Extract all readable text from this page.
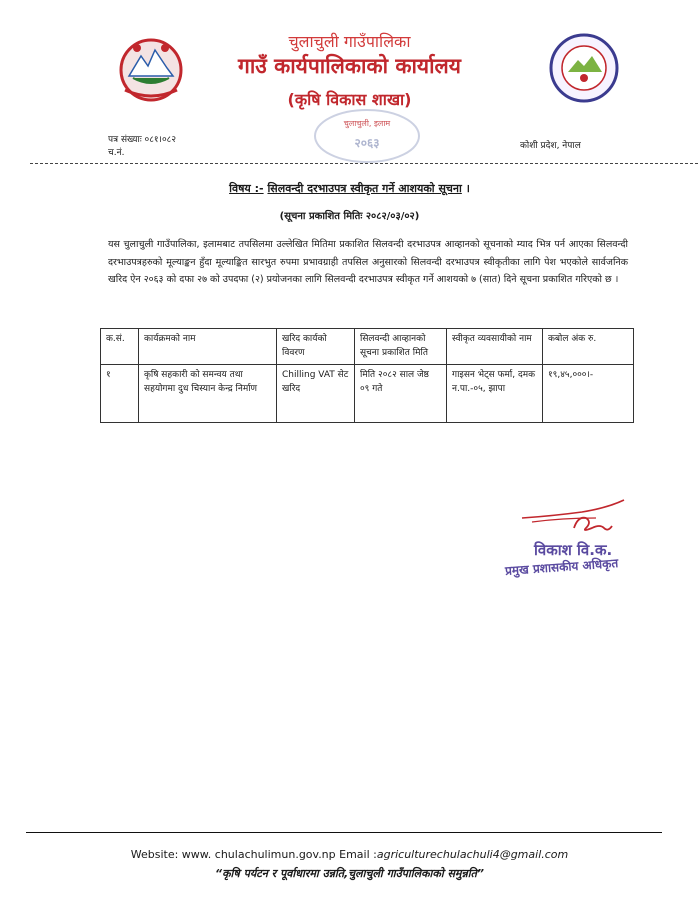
चुलाचुली गाउँपालिका
गाउँ कार्यपालिकाको कार्यालय
(कृषि विकास शाखा)
चुलाचुली, इलाम
२०६३
पत्र संख्याः ०८१।०८२
च.नं.
कोशी प्रदेश, नेपाल
विषय :- सिलवन्दी दरभाउपत्र स्वीकृत गर्ने आशयको सूचना ।
(सूचना प्रकाशित मितिः २०८२/०३/०२)
यस चुलाचुली गाउँपालिका, इलामबाट तपसिलमा उल्लेखित मितिमा प्रकाशित सिलवन्दी दरभाउपत्र आव्हानको सूचनाको म्याद भित्र पर्न आएका सिलवन्दी दरभाउपत्रहरुको मूल्याङ्कन हुँदा मूल्याङ्कित सारभुत रुपमा प्रभावग्राही तपसिल अनुसारको सिलवन्दी दरभाउपत्र स्वीकृतीका लागि पेश भएकोले सार्वजनिक खरिद ऐन २०६३ को दफा २७ को उपदफा (२) प्रयोजनका लागि सिलवन्दी दरभाउपत्र स्वीकृत गर्ने आशयको ७ (सात) दिने सूचना प्रकाशित गरिएको छ ।
क.सं.	कार्यक्रमको नाम	खरिद कार्यको विवरण	सिलवन्दी आव्हानको सूचना प्रकाशित मिति	स्वीकृत व्यवसायीको नाम	कबोल अंक रु.
१	कृषि सहकारी को समन्वय तथा सहयोगमा दुध चिस्यान केन्द्र निर्माण	Chilling VAT सेट खरिद	मिति २०८२ साल जेष्ठ ०९ गते	गाइसन भेट्स फर्मा, दमक न.पा.-०५, झापा	१९,४५,०००।-
विकाश वि.क.
प्रमुख प्रशासकीय अधिकृत
Website: www. chulachulimun.gov.np Email :agriculturechulachuli4@gmail.com
“कृषि पर्यटन र पूर्वाधारमा उन्नति,चुलाचुली गाउँपालिकाको समुन्नति”
